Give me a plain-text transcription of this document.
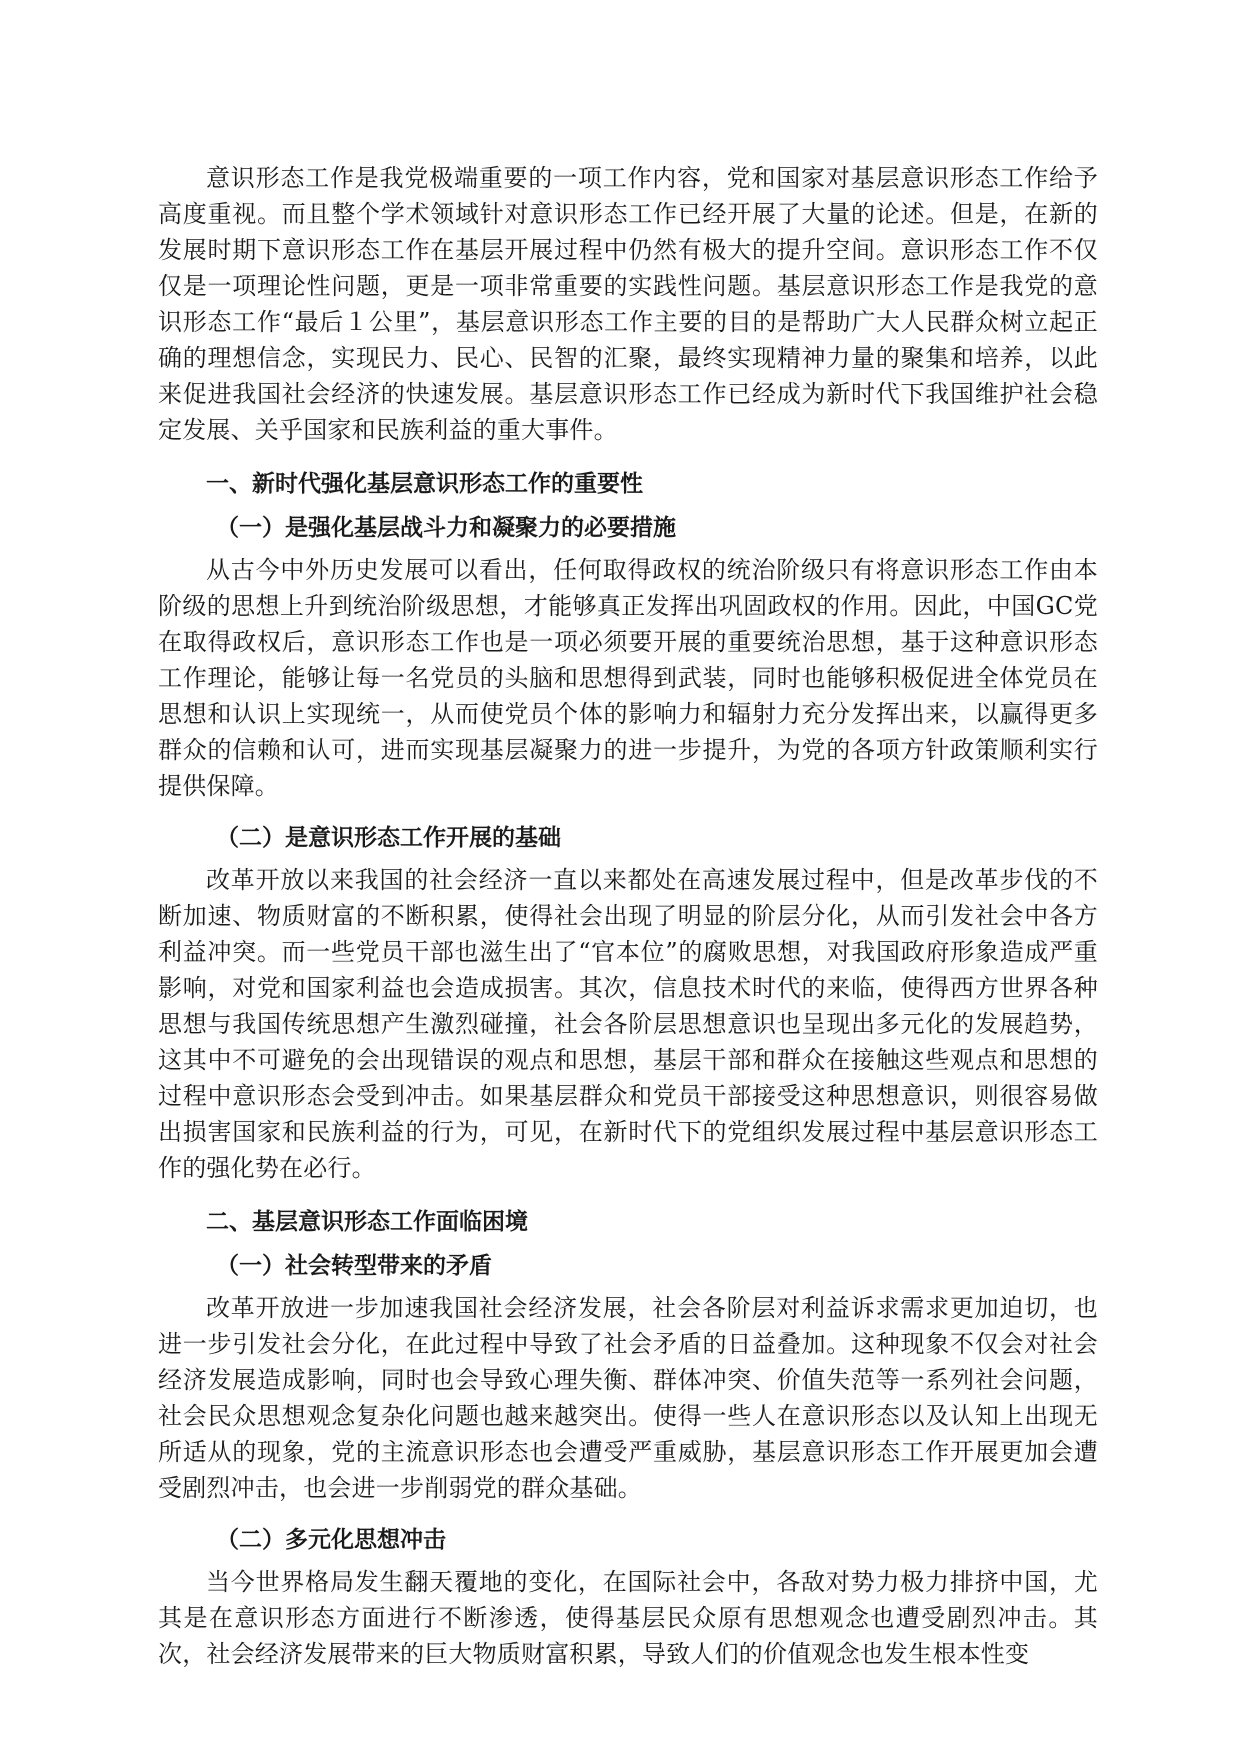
意识形态工作是我党极端重要的一项工作内容，党和国家对基层意识形态工作给予高度重视。而且整个学术领域针对意识形态工作已经开展了大量的论述。但是，在新的发展时期下意识形态工作在基层开展过程中仍然有极大的提升空间。意识形态工作不仅仅是一项理论性问题，更是一项非常重要的实践性问题。基层意识形态工作是我党的意识形态工作“最后１公里”，基层意识形态工作主要的目的是帮助广大人民群众树立起正确的理想信念，实现民力、民心、民智的汇聚，最终实现精神力量的聚集和培养，以此来促进我国社会经济的快速发展。基层意识形态工作已经成为新时代下我国维护社会稳定发展、关乎国家和民族利益的重大事件。

一、新时代强化基层意识形态工作的重要性

（一）是强化基层战斗力和凝聚力的必要措施

从古今中外历史发展可以看出，任何取得政权的统治阶级只有将意识形态工作由本阶级的思想上升到统治阶级思想，才能够真正发挥出巩固政权的作用。因此，中国GC党在取得政权后，意识形态工作也是一项必须要开展的重要统治思想，基于这种意识形态工作理论，能够让每一名党员的头脑和思想得到武装，同时也能够积极促进全体党员在思想和认识上实现统一，从而使党员个体的影响力和辐射力充分发挥出来，以赢得更多群众的信赖和认可，进而实现基层凝聚力的进一步提升，为党的各项方针政策顺利实行提供保障。

（二）是意识形态工作开展的基础

改革开放以来我国的社会经济一直以来都处在高速发展过程中，但是改革步伐的不断加速、物质财富的不断积累，使得社会出现了明显的阶层分化，从而引发社会中各方利益冲突。而一些党员干部也滋生出了“官本位”的腐败思想，对我国政府形象造成严重影响，对党和国家利益也会造成损害。其次，信息技术时代的来临，使得西方世界各种思想与我国传统思想产生激烈碰撞，社会各阶层思想意识也呈现出多元化的发展趋势，这其中不可避免的会出现错误的观点和思想，基层干部和群众在接触这些观点和思想的过程中意识形态会受到冲击。如果基层群众和党员干部接受这种思想意识，则很容易做出损害国家和民族利益的行为，可见，在新时代下的党组织发展过程中基层意识形态工作的强化势在必行。

二、基层意识形态工作面临困境

（一）社会转型带来的矛盾

改革开放进一步加速我国社会经济发展，社会各阶层对利益诉求需求更加迫切，也进一步引发社会分化，在此过程中导致了社会矛盾的日益叠加。这种现象不仅会对社会经济发展造成影响，同时也会导致心理失衡、群体冲突、价值失范等一系列社会问题，社会民众思想观念复杂化问题也越来越突出。使得一些人在意识形态以及认知上出现无所适从的现象，党的主流意识形态也会遭受严重威胁，基层意识形态工作开展更加会遭受剧烈冲击，也会进一步削弱党的群众基础。

（二）多元化思想冲击

当今世界格局发生翻天覆地的变化，在国际社会中，各敌对势力极力排挤中国，尤其是在意识形态方面进行不断渗透，使得基层民众原有思想观念也遭受剧烈冲击。其次，社会经济发展带来的巨大物质财富积累，导致人们的价值观念也发生根本性变
